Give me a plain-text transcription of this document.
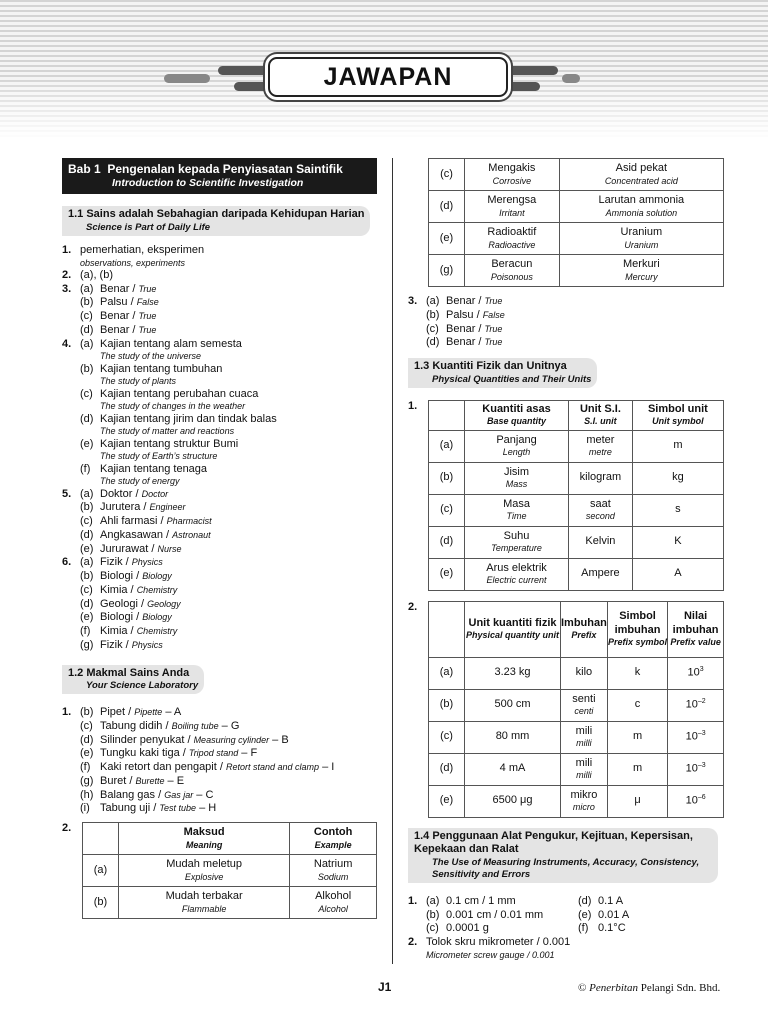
JAWAPAN
Bab 1 Pengenalan kepada Penyiasatan Saintifik
Introduction to Scientific Investigation
1.1 Sains adalah Sebahagian daripada Kehidupan Harian
Science is Part of Daily Life
1. pemerhatian, eksperimen
observations, experiments
2. (a), (b)
3. (a) Benar / True
(b) Palsu / False
(c) Benar / True
(d) Benar / True
4. (a) Kajian tentang alam semesta
The study of the universe
(b) Kajian tentang tumbuhan
The study of plants
(c) Kajian tentang perubahan cuaca
The study of changes in the weather
(d) Kajian tentang jirim dan tindak balas
The study of matter and reactions
(e) Kajian tentang struktur Bumi
The study of Earth’s structure
(f) Kajian tentang tenaga
The study of energy
5. (a) Doktor / Doctor
(b) Jurutera / Engineer
(c) Ahli farmasi / Pharmacist
(d) Angkasawan / Astronaut
(e) Jururawat / Nurse
6. (a) Fizik / Physics
(b) Biologi / Biology
(c) Kimia / Chemistry
(d) Geologi / Geology
(e) Biologi / Biology
(f) Kimia / Chemistry
(g) Fizik / Physics
1.2 Makmal Sains Anda
Your Science Laboratory
1. (b) Pipet / Pipette – A
(c) Tabung didih / Boiling tube – G
(d) Silinder penyukat / Measuring cylinder – B
(e) Tungku kaki tiga / Tripod stand – F
(f) Kaki retort dan pengapit / Retort stand and clamp – I
(g) Buret / Burette – E
(h) Balang gas / Gas jar – C
(i) Tabung uji / Test tube – H
2.
		Maksud
Meaning	Contoh
Example

(a)	Mudah meletup
Explosive	Natrium
Sodium

(b)	Mudah terbakar
Flammable	Alkohol
Alcohol
(c)	Mengakis
Corrosive	Asid pekat
Concentrated acid

(d)	Merengsa
Irritant	Larutan ammonia
Ammonia solution

(e)	Radioaktif
Radioactive	Uranium
Uranium

(g)	Beracun
Poisonous	Merkuri
Mercury
3. (a) Benar / True
(b) Palsu / False
(c) Benar / True
(d) Benar / True
1.3 Kuantiti Fizik dan Unitnya
Physical Quantities and Their Units
1.
		Kuantiti asas
Base quantity	Unit S.I.
S.I. unit	Simbol unit
Unit symbol

(a)	Panjang
Length	meter
metre	m
(b)	Jisim
Mass	kilogram	kg
(c)	Masa
Time	saat
second	s
(d)	Suhu
Temperature	Kelvin	K
(e)	Arus elektrik
Electric current	Ampere	A
2.
	Unit kuantiti fizik
Physical quantity unit	Imbuhan
Prefix	Simbol imbuhan
Prefix symbol	Nilai imbuhan
Prefix value

(a)	3.23 kg	kilo	k	$10^3$
(b)	500 cm	senti
centi	c	$10^{-2}$
(c)	80 mm	mili
milli	m	$10^{-3}$
(d)	4 mA	mili
milli	m	$10^{-3}$
(e)	6500 μg	mikro
micro	μ	$10^{-6}$
1.4 Penggunaan Alat Pengukur, Kejituan, Kepersisan, Kepekaan dan Ralat
The Use of Measuring Instruments, Accuracy, Consistency, Sensitivity and Errors
1. (a) 0.1 cm / 1 mm
(b) 0.001 cm / 0.01 mm
(c) 0.0001 g
(d) 0.1 A
(e) 0.01 A
(f) 0.1°C
2. Tolok skru mikrometer / 0.001
Micrometer screw gauge / 0.001
J1	© Penerbitan Pelangi Sdn. Bhd.
